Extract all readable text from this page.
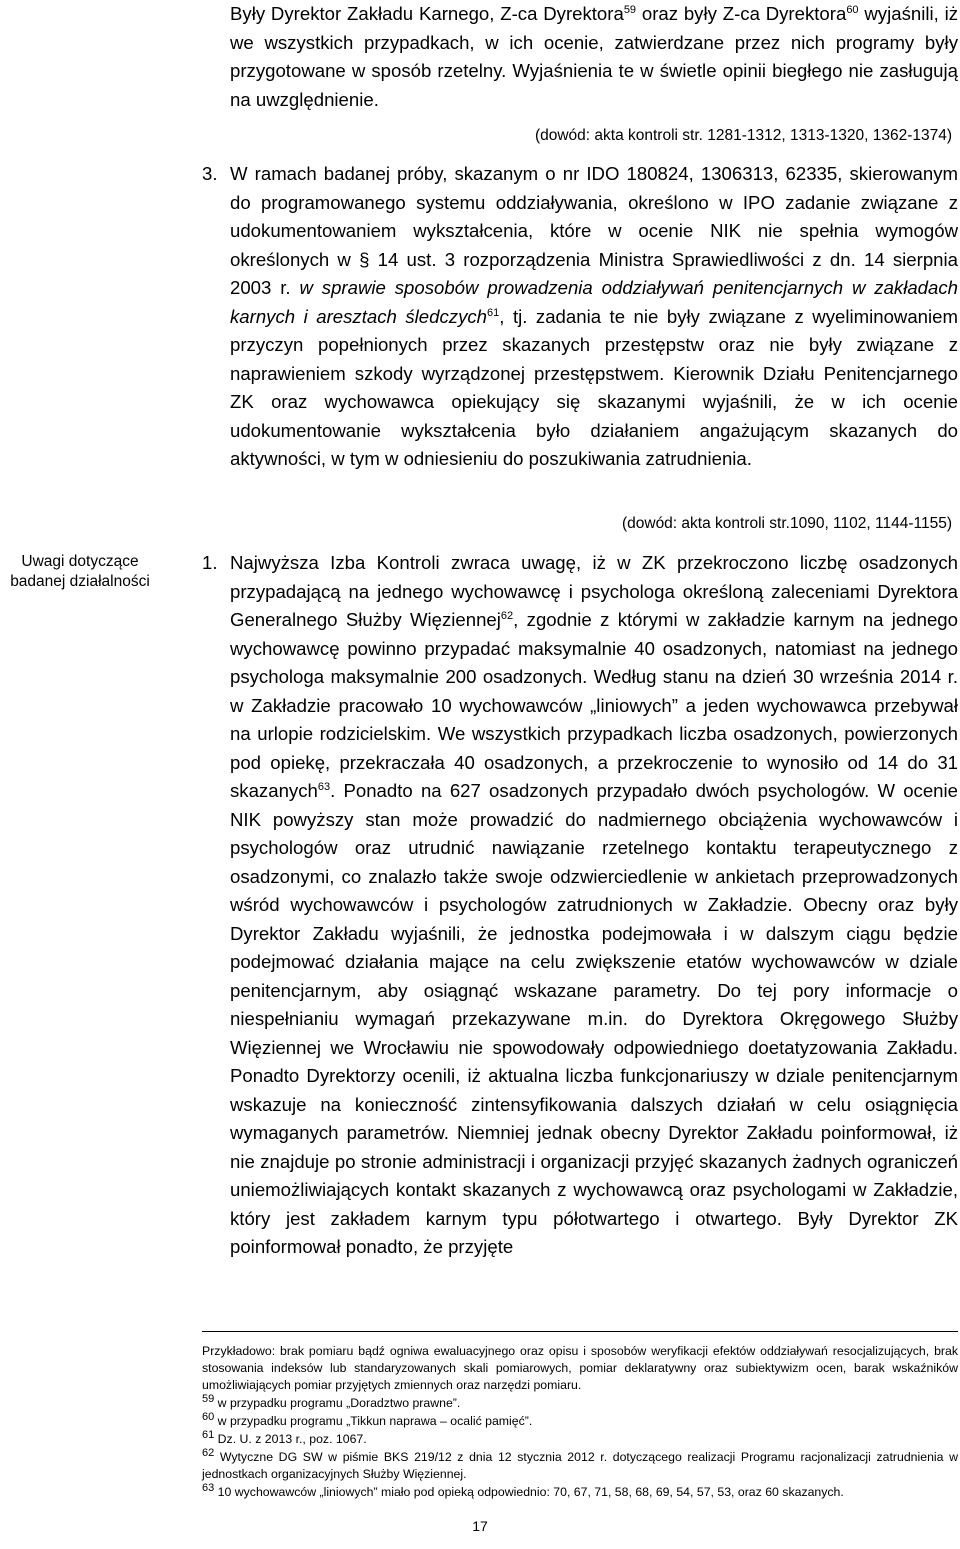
Były Dyrektor Zakładu Karnego, Z-ca Dyrektora$^{59}$ oraz były Z-ca Dyrektora$^{60}$ wyjaśnili, iż we wszystkich przypadkach, w ich ocenie, zatwierdzane przez nich programy były przygotowane w sposób rzetelny. Wyjaśnienia te w świetle opinii biegłego nie zasługują na uwzględnienie.
(dowód: akta kontroli str. 1281-1312, 1313-1320, 1362-1374)
3. W ramach badanej próby, skazanym o nr IDO 180824, 1306313, 62335, skierowanym do programowanego systemu oddziaływania, określono w IPO zadanie związane z udokumentowaniem wykształcenia, które w ocenie NIK nie spełnia wymogów określonych w § 14 ust. 3 rozporządzenia Ministra Sprawiedliwości z dn. 14 sierpnia 2003 r. w sprawie sposobów prowadzenia oddziaływań penitencjarnych w zakładach karnych i aresztach śledczych$^{61}$, tj. zadania te nie były związane z wyeliminowaniem przyczyn popełnionych przez skazanych przestępstw oraz nie były związane z naprawieniem szkody wyrządzonej przestępstwem. Kierownik Działu Penitencjarnego ZK oraz wychowawca opiekujący się skazanymi wyjaśnili, że w ich ocenie udokumentowanie wykształcenia było działaniem angażującym skazanych do aktywności, w tym w odniesieniu do poszukiwania zatrudnienia.

(dowód: akta kontroli str.1090, 1102, 1144-1155)
Uwagi dotyczące badanej działalności
1. Najwyższa Izba Kontroli zwraca uwagę, iż w ZK przekroczono liczbę osadzonych przypadającą na jednego wychowawcę i psychologa określoną zaleceniami Dyrektora Generalnego Służby Więziennej$^{62}$, zgodnie z którymi w zakładzie karnym na jednego wychowawcę powinno przypadać maksymalnie 40 osadzonych, natomiast na jednego psychologa maksymalnie 200 osadzonych. Według stanu na dzień 30 września 2014 r. w Zakładzie pracowało 10 wychowawców „liniowych” a jeden wychowawca przebywał na urlopie rodzicielskim. We wszystkich przypadkach liczba osadzonych, powierzonych pod opiekę, przekraczała 40 osadzonych, a przekroczenie to wynosiło od 14 do 31 skazanych$^{63}$. Ponadto na 627 osadzonych przypadało dwóch psychologów. W ocenie NIK powyższy stan może prowadzić do nadmiernego obciążenia wychowawców i psychologów oraz utrudnić nawiązanie rzetelnego kontaktu terapeutycznego z osadzonymi, co znalazło także swoje odzwierciedlenie w ankietach przeprowadzonych wśród wychowawców i psychologów zatrudnionych w Zakładzie. Obecny oraz były Dyrektor Zakładu wyjaśnili, że jednostka podejmowała i w dalszym ciągu będzie podejmować działania mające na celu zwiększenie etatów wychowawców w dziale penitencjarnym, aby osiągnąć wskazane parametry. Do tej pory informacje o niespełnianiu wymagań przekazywane m.in. do Dyrektora Okręgowego Służby Więziennej we Wrocławiu nie spowodowały odpowiedniego doetatyzowania Zakładu. Ponadto Dyrektorzy ocenili, iż aktualna liczba funkcjonariuszy w dziale penitencjarnym wskazuje na konieczność zintensyfikowania dalszych działań w celu osiągnięcia wymaganych parametrów. Niemniej jednak obecny Dyrektor Zakładu poinformował, iż nie znajduje po stronie administracji i organizacji przyjęć skazanych żadnych ograniczeń uniemożliwiających kontakt skazanych z wychowawcą oraz psychologami w Zakładzie, który jest zakładem karnym typu półotwartego i otwartego. Były Dyrektor ZK poinformował ponadto, że przyjęte

Przykładowo: brak pomiaru bądź ogniwa ewaluacyjnego oraz opisu i sposobów weryfikacji efektów oddziaływań resocjalizujących, brak stosowania indeksów lub standaryzowanych skali pomiarowych, pomiar deklaratywny oraz subiektywizm ocen, barak wskaźników umożliwiających pomiar przyjętych zmiennych oraz narzędzi pomiaru.
$^{59}$ w przypadku programu „Doradztwo prawne”.
$^{60}$ w przypadku programu „Tikkun naprawa – ocalić pamięć”.
$^{61}$ Dz. U. z 2013 r., poz. 1067.
$^{62}$ Wytyczne DG SW w piśmie BKS 219/12 z dnia 12 stycznia 2012 r. dotyczącego realizacji Programu racjonalizacji zatrudnienia w jednostkach organizacyjnych Służby Więziennej.
$^{63}$ 10 wychowawców „liniowych” miało pod opieką odpowiednio: 70, 67, 71, 58, 68, 69, 54, 57, 53, oraz 60 skazanych.
17
